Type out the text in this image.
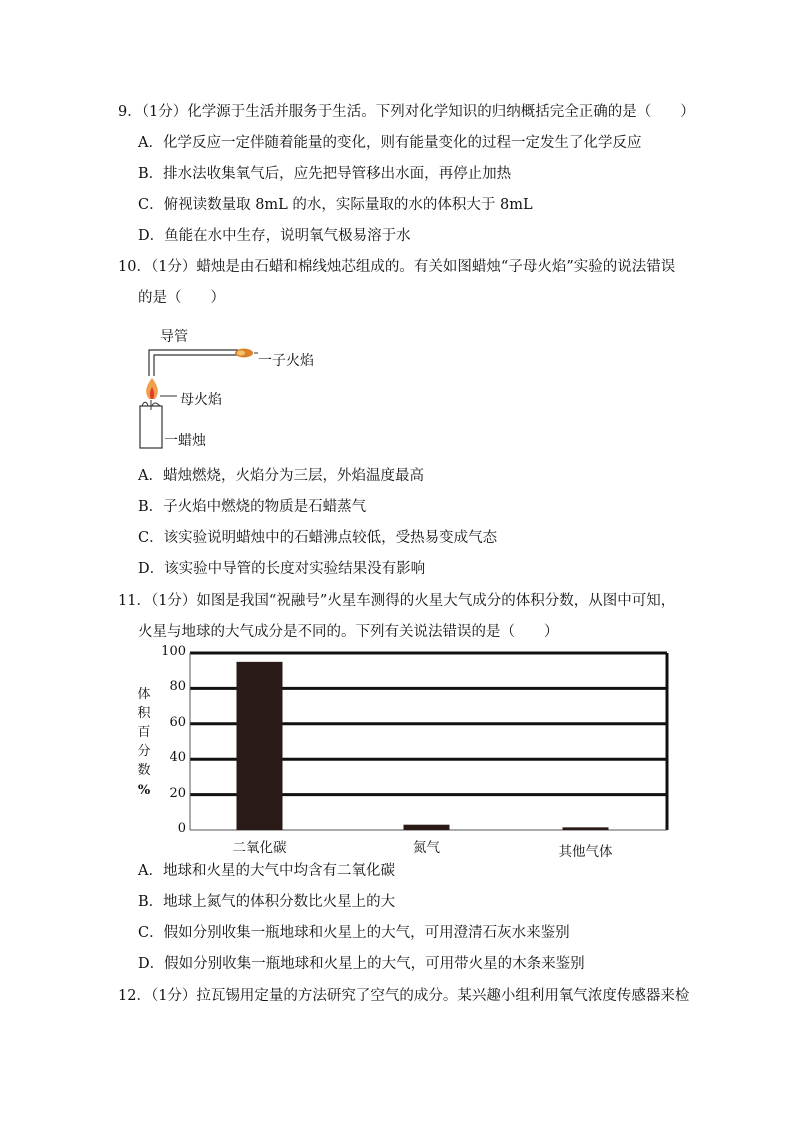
9．（1分）化学源于生活并服务于生活。下列对化学知识的归纳概括完全正确的是（　　）
A．化学反应一定伴随着能量的变化，则有能量变化的过程一定发生了化学反应
B．排水法收集氧气后，应先把导管移出水面，再停止加热
C．俯视读数量取 8mL 的水，实际量取的水的体积大于 8mL
D．鱼能在水中生存，说明氧气极易溶于水
10．（1分）蜡烛是由石蜡和棉线烛芯组成的。有关如图蜡烛“子母火焰”实验的说法错误
的是（　　）
导管
一子火焰
母火焰
一蜡烛
A．蜡烛燃烧，火焰分为三层，外焰温度最高
B．子火焰中燃烧的物质是石蜡蒸气
C．该实验说明蜡烛中的石蜡沸点较低，受热易变成气态
D．该实验中导管的长度对实验结果没有影响
11．（1分）如图是我国“祝融号”火星车测得的火星大气成分的体积分数，从图中可知，
火星与地球的大气成分是不同的。下列有关说法错误的是（　　）
二氧化碳	氮气	其他气体
100
80
60
40
20
0
体
积
百
分
数
%
A．地球和火星的大气中均含有二氧化碳
B．地球上氮气的体积分数比火星上的大
C．假如分别收集一瓶地球和火星上的大气，可用澄清石灰水来鉴别
D．假如分别收集一瓶地球和火星上的大气，可用带火星的木条来鉴别
12．（1分）拉瓦锡用定量的方法研究了空气的成分。某兴趣小组利用氧气浓度传感器来检
